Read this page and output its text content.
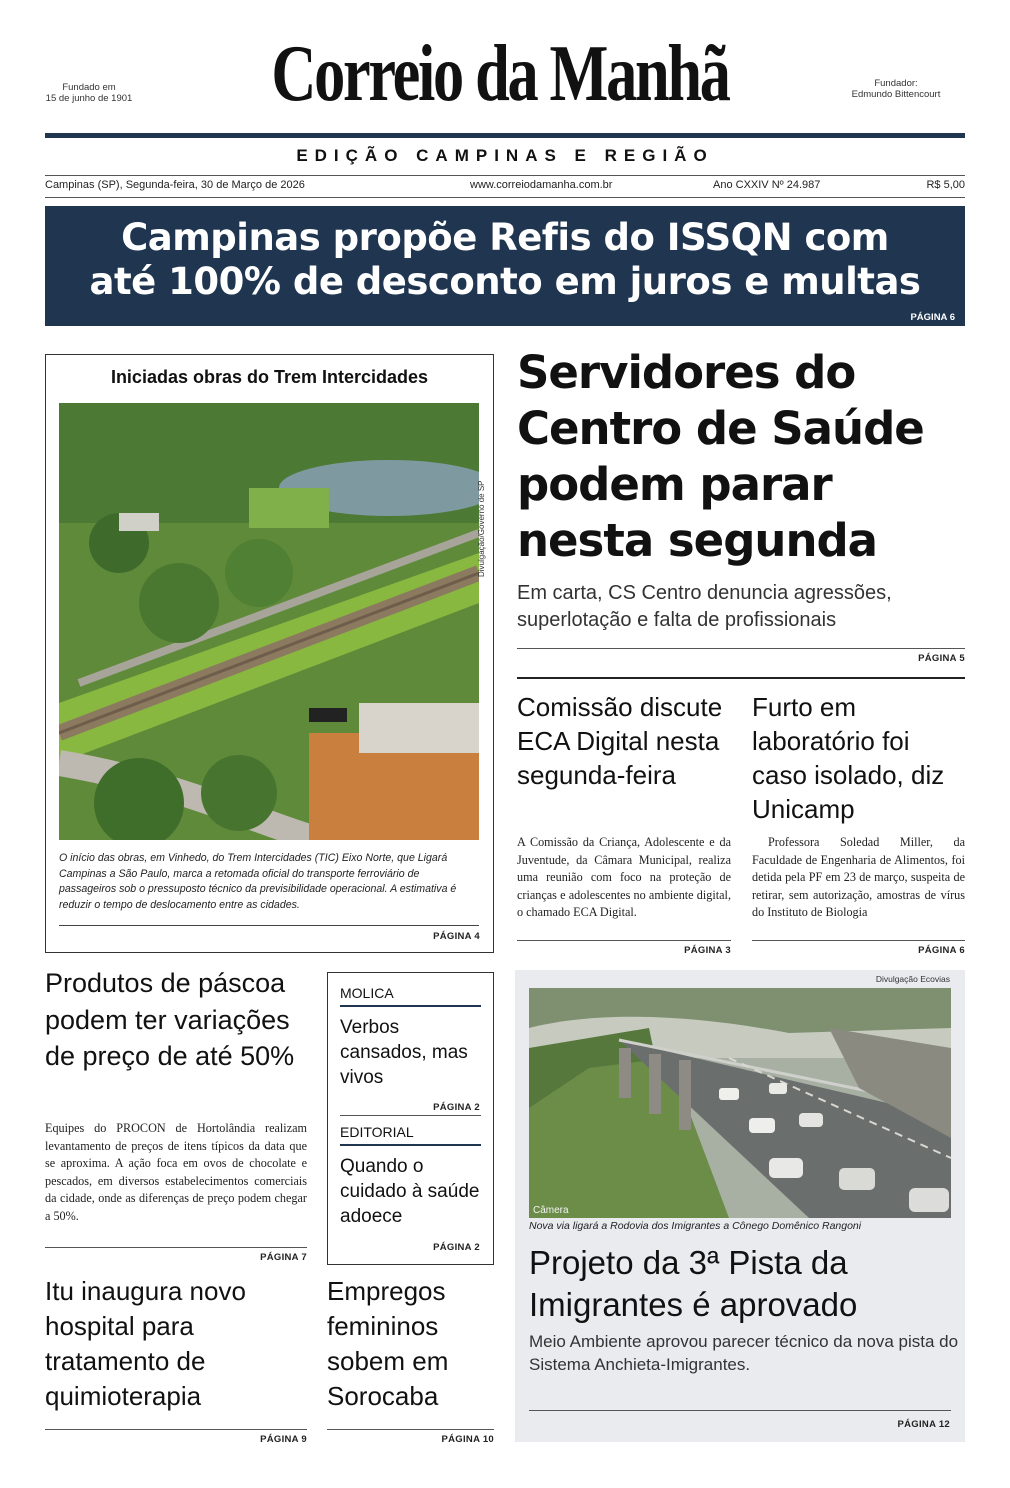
Fundado em
15 de junho de 1901	Correio da Manhã	Fundador:
Edmundo Bittencourt
EDIÇÃO CAMPINAS E REGIÃO
Campinas (SP), Segunda-feira, 30 de Março de 2026	www.correiodamanha.com.br	Ano CXXIV Nº 24.987	R$ 5,00
Campinas propõe Refis do ISSQN com
até 100% de desconto em juros e multas
PÁGINA 6
Iniciadas obras do Trem Intercidades
Divulgação/Governo de SP
O início das obras, em Vinhedo, do Trem Intercidades (TIC) Eixo Norte, que Ligará Campinas a São Paulo, marca a retomada oficial do transporte ferroviário de passageiros sob o pressuposto técnico da previsibilidade operacional. A estimativa é reduzir o tempo de deslocamento entre as cidades.
PÁGINA 4
Servidores do Centro de Saúde podem parar nesta segunda
Em carta, CS Centro denuncia agressões, superlotação e falta de profissionais
PÁGINA 5
Comissão discute ECA Digital nesta segunda-feira
A Comissão da Criança, Adolescente e da Juventude, da Câmara Municipal, realiza uma reunião com foco na proteção de crianças e adolescentes no ambiente digital, o chamado ECA Digital.
PÁGINA 3
Furto em laboratório foi caso isolado, diz Unicamp
Professora Soledad Miller, da Faculdade de Engenharia de Alimentos, foi detida pela PF em 23 de março, suspeita de retirar, sem autorização, amostras de vírus do Instituto de Biologia
PÁGINA 6
Produtos de páscoa podem ter variações de preço de até 50%
Equipes do PROCON de Hortolândia realizam levantamento de preços de itens típicos da data que se aproxima. A ação foca em ovos de chocolate e pescados, em diversos estabelecimentos comerciais da cidade, onde as diferenças de preço podem chegar a 50%.
PÁGINA 7
MOLICA
Verbos cansados, mas vivos
PÁGINA 2
EDITORIAL
Quando o cuidado à saúde adoece
PÁGINA 2
Divulgação Ecovias
Câmera
Nova via ligará a Rodovia dos Imigrantes a Cônego Domênico Rangoni
Projeto da 3ª Pista da
Imigrantes é aprovado
Meio Ambiente aprovou parecer técnico da nova pista do Sistema Anchieta-Imigrantes.
PÁGINA 12
Itu inaugura novo hospital para tratamento de quimioterapia
PÁGINA 9
Empregos femininos sobem em Sorocaba
PÁGINA 10
